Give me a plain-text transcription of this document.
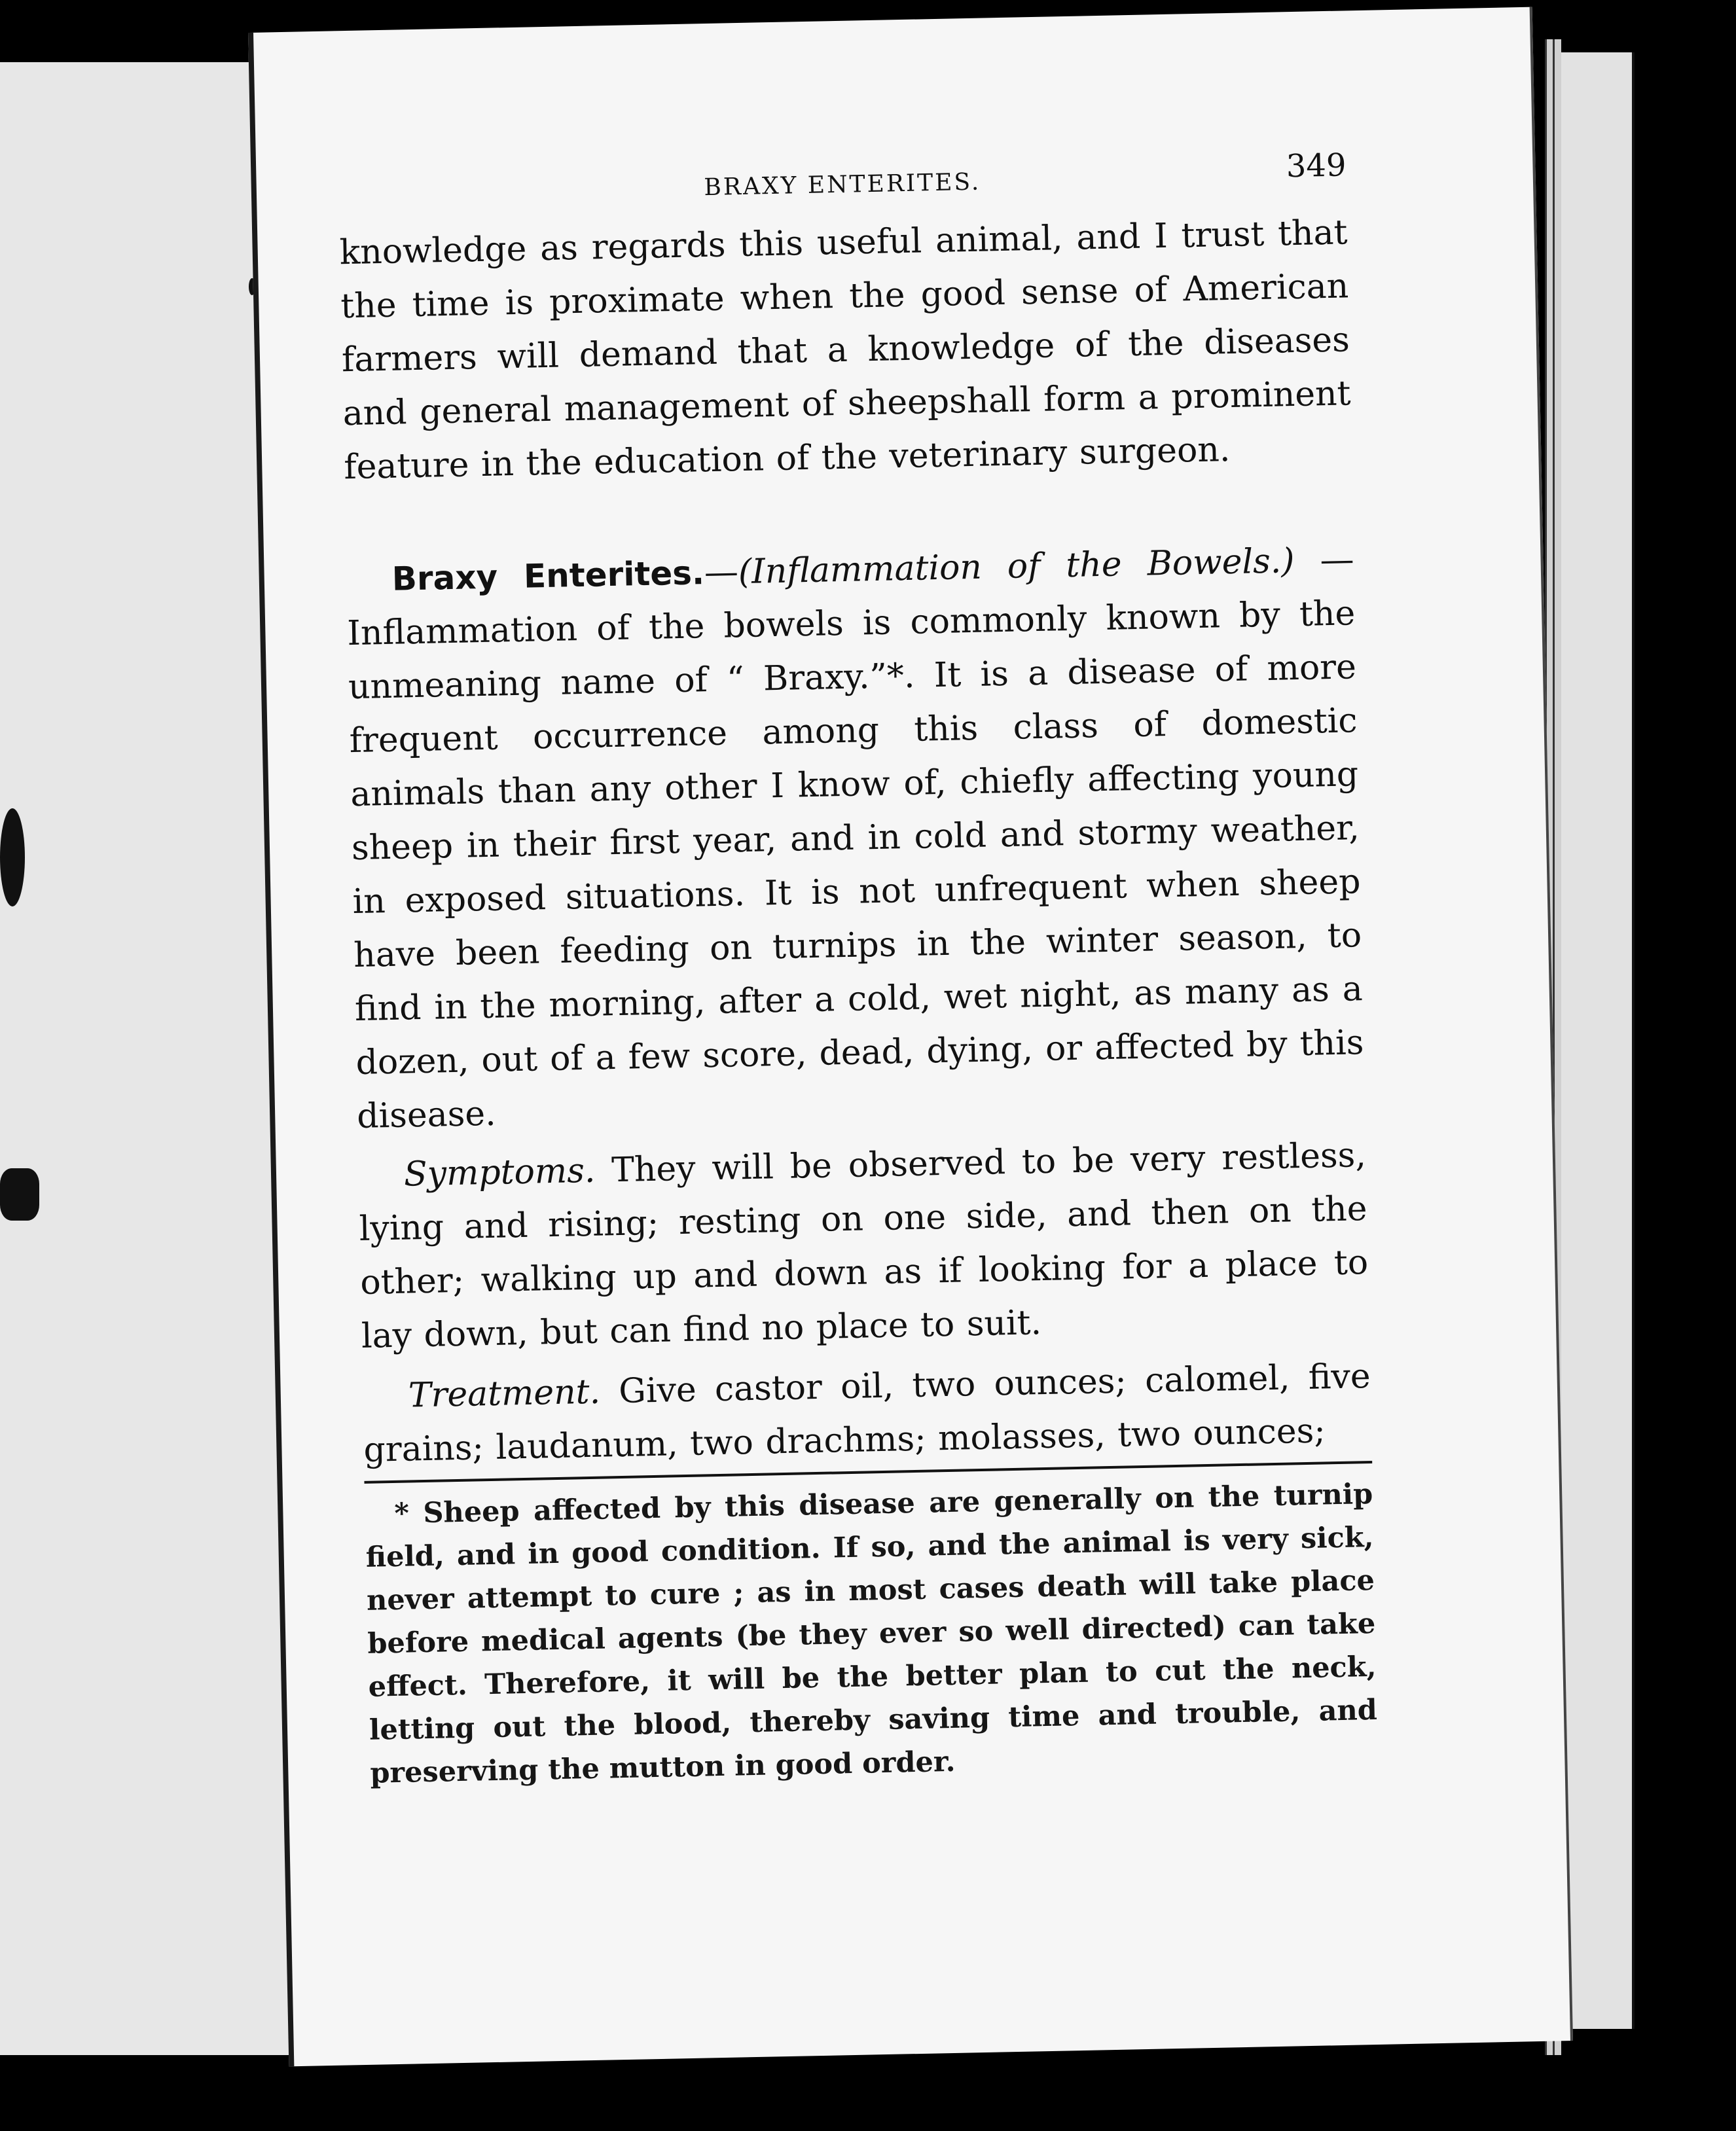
BRAXY ENTERITES.
349

knowledge as regards this useful animal, and I trust that the time is proximate when the good sense of American farmers will demand that a knowledge of the diseases and general management of sheepshall form a prominent feature in the education of the veterinary surgeon.

Braxy Enterites.—(Inflammation of the Bowels.) —Inflammation of the bowels is commonly known by the unmeaning name of “ Braxy.”*. It is a disease of more frequent occurrence among this class of domestic animals than any other I know of, chiefly affecting young sheep in their first year, and in cold and stormy weather, in exposed situations. It is not unfrequent when sheep have been feeding on turnips in the winter season, to find in the morning, after a cold, wet night, as many as a dozen, out of a few score, dead, dying, or affected by this disease.

Symptoms. They will be observed to be very restless, lying and rising; resting on one side, and then on the other; walking up and down as if looking for a place to lay down, but can find no place to suit.

Treatment. Give castor oil, two ounces; calomel, five grains; laudanum, two drachms; molasses, two ounces;

* Sheep affected by this disease are generally on the turnip field, and in good condition. If so, and the animal is very sick, never attempt to cure ; as in most cases death will take place before medical agents (be they ever so well directed) can take effect. Therefore, it will be the better plan to cut the neck, letting out the blood, thereby saving time and trouble, and preserving the mutton in good order.
